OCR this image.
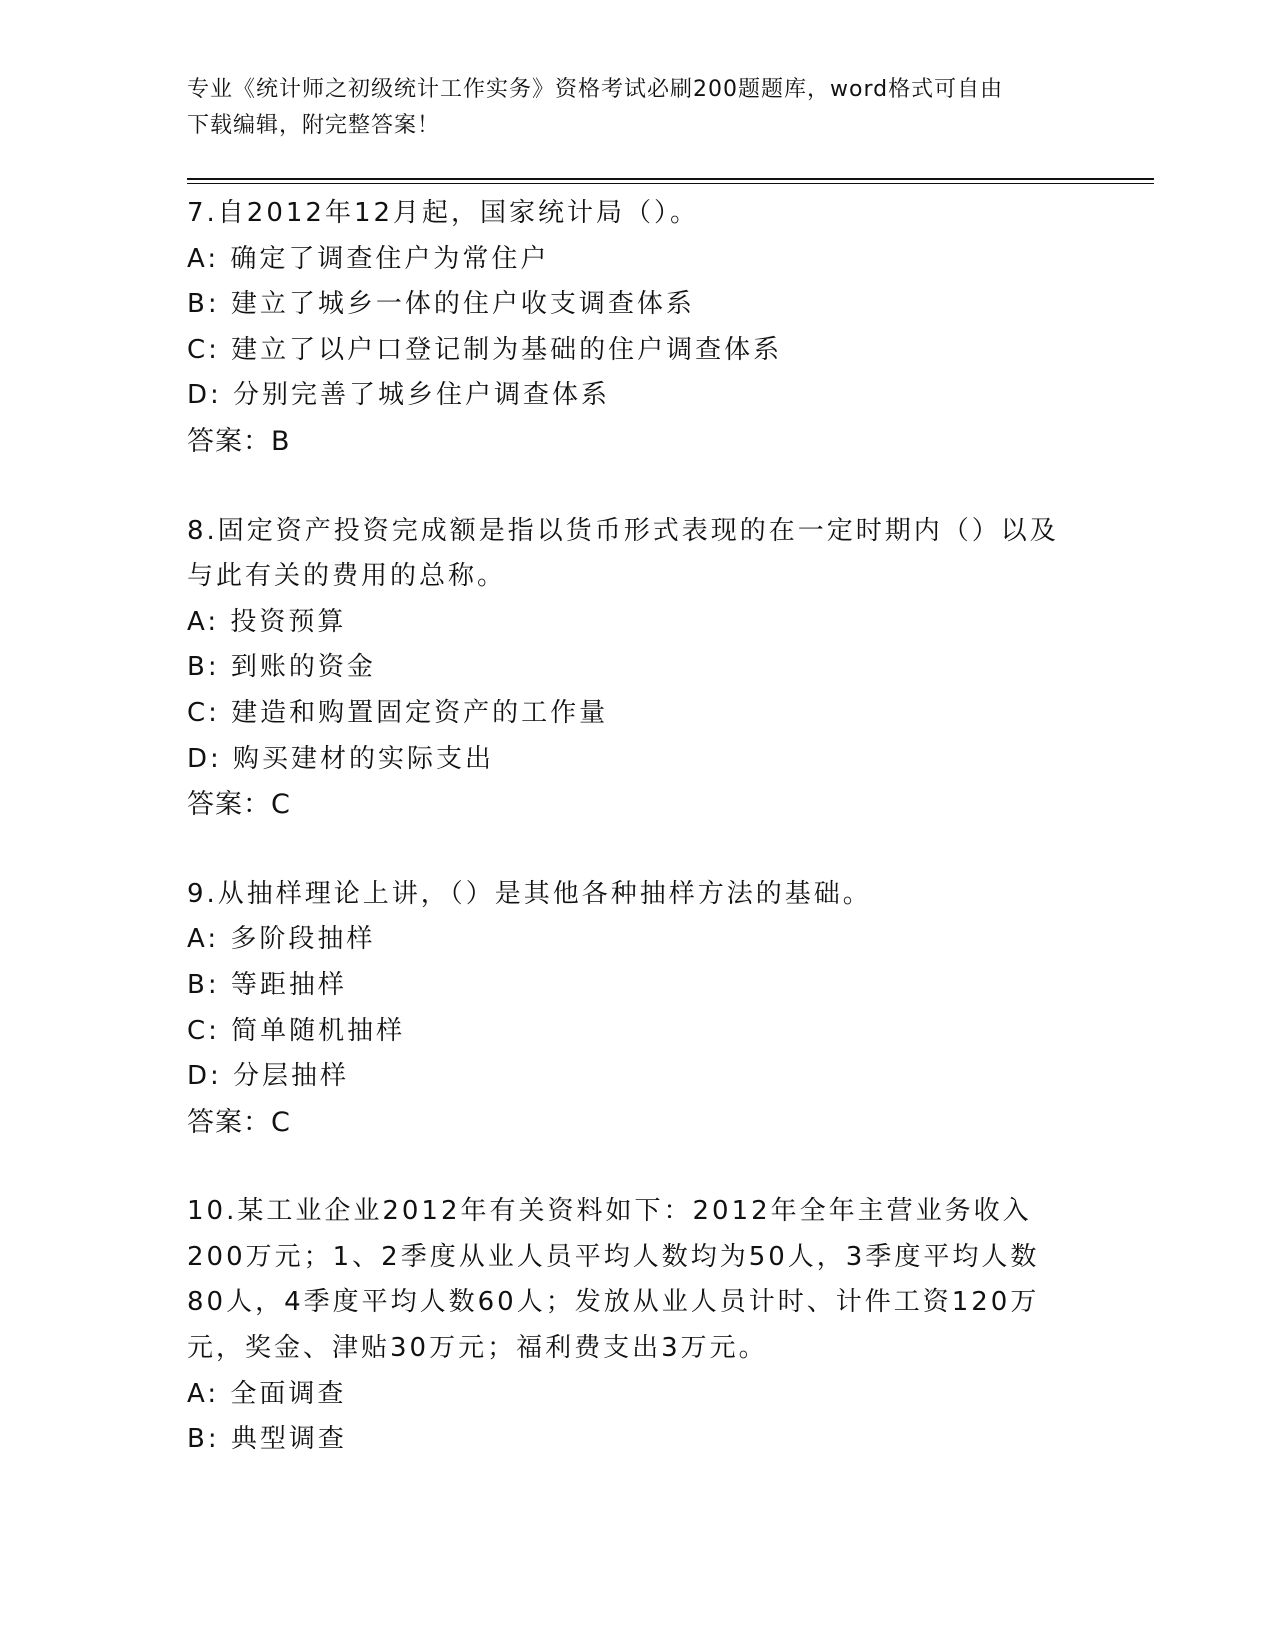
专业《统计师之初级统计工作实务》资格考试必刷200题题库，word格式可自由
下载编辑，附完整答案！
7.自2012年12月起，国家统计局（）。
A: 确定了调查住户为常住户
B: 建立了城乡一体的住户收支调查体系
C: 建立了以户口登记制为基础的住户调查体系
D: 分别完善了城乡住户调查体系
答案：B
8.固定资产投资完成额是指以货币形式表现的在一定时期内（）以及与此有关的费用的总称。
A: 投资预算
B: 到账的资金
C: 建造和购置固定资产的工作量
D: 购买建材的实际支出
答案：C
9.从抽样理论上讲，（）是其他各种抽样方法的基础。
A: 多阶段抽样
B: 等距抽样
C: 简单随机抽样
D: 分层抽样
答案：C
10.某工业企业2012年有关资料如下：2012年全年主营业务收入200万元；1、2季度从业人员平均人数均为50人，3季度平均人数80人，4季度平均人数60人；发放从业人员计时、计件工资120万元，奖金、津贴30万元；福利费支出3万元。
A: 全面调查
B: 典型调查
